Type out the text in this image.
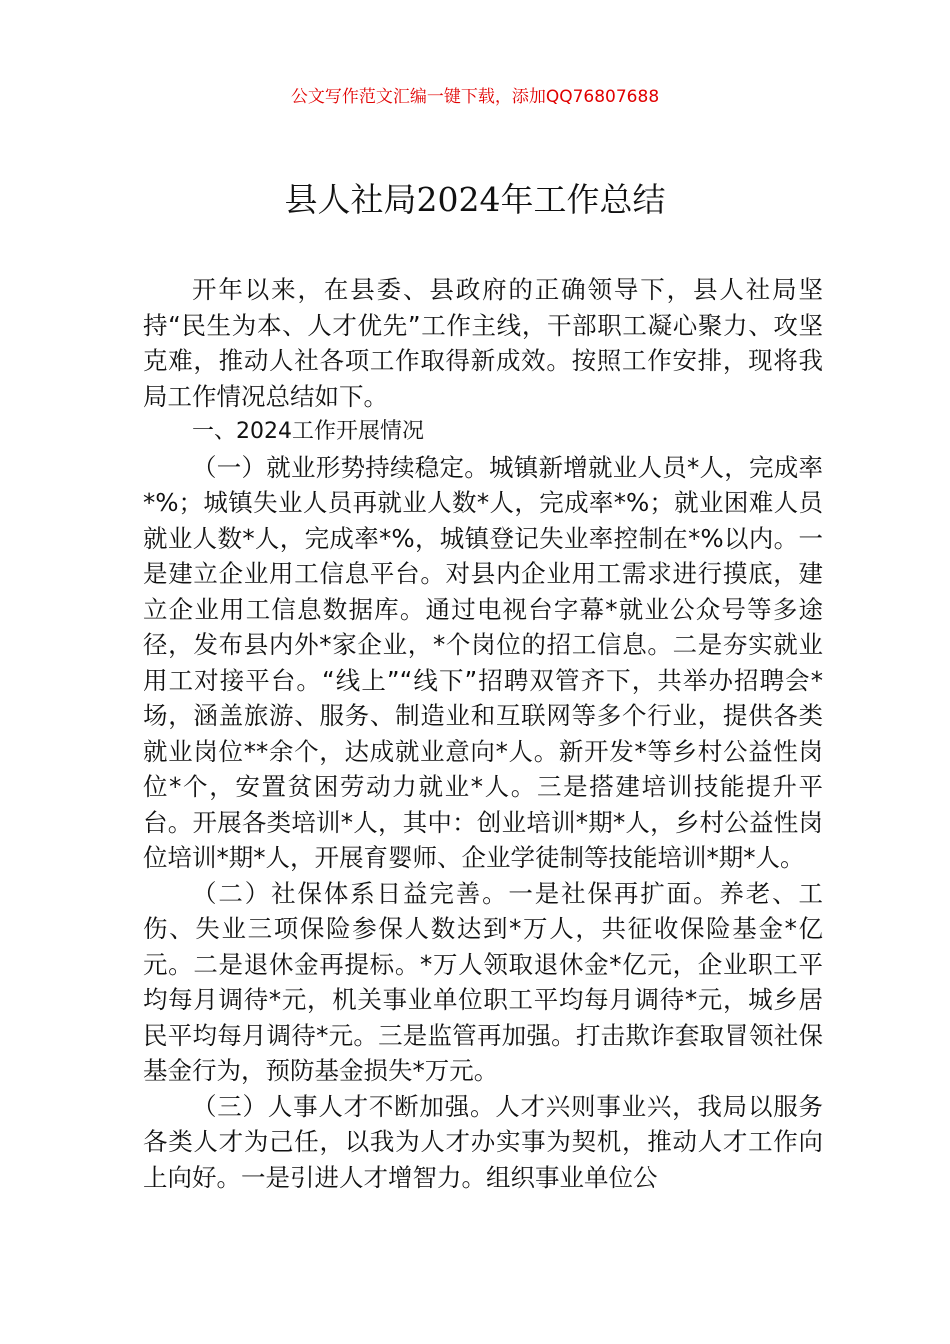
公文写作范文汇编一键下载，添加QQ76807688
县人社局2024年工作总结

开年以来，在县委、县政府的正确领导下，县人社局坚持“民生为本、人才优先”工作主线，干部职工凝心聚力、攻坚克难，推动人社各项工作取得新成效。按照工作安排，现将我局工作情况总结如下。

一、2024工作开展情况

（一）就业形势持续稳定。城镇新增就业人员*人，完成率*%；城镇失业人员再就业人数*人，完成率*%；就业困难人员就业人数*人，完成率*%，城镇登记失业率控制在*%以内。一是建立企业用工信息平台。对县内企业用工需求进行摸底，建立企业用工信息数据库。通过电视台字幕*就业公众号等多途径，发布县内外*家企业，*个岗位的招工信息。二是夯实就业用工对接平台。“线上”“线下”招聘双管齐下，共举办招聘会*场，涵盖旅游、服务、制造业和互联网等多个行业，提供各类就业岗位**余个，达成就业意向*人。新开发*等乡村公益性岗位*个，安置贫困劳动力就业*人。三是搭建培训技能提升平台。开展各类培训*人，其中：创业培训*期*人，乡村公益性岗位培训*期*人，开展育婴师、企业学徒制等技能培训*期*人。

（二）社保体系日益完善。一是社保再扩面。养老、工伤、失业三项保险参保人数达到*万人，共征收保险基金*亿元。二是退休金再提标。*万人领取退休金*亿元，企业职工平均每月调待*元，机关事业单位职工平均每月调待*元，城乡居民平均每月调待*元。三是监管再加强。打击欺诈套取冒领社保基金行为，预防基金损失*万元。

（三）人事人才不断加强。人才兴则事业兴，我局以服务各类人才为己任，以我为人才办实事为契机，推动人才工作向上向好。一是引进人才增智力。组织事业单位公
